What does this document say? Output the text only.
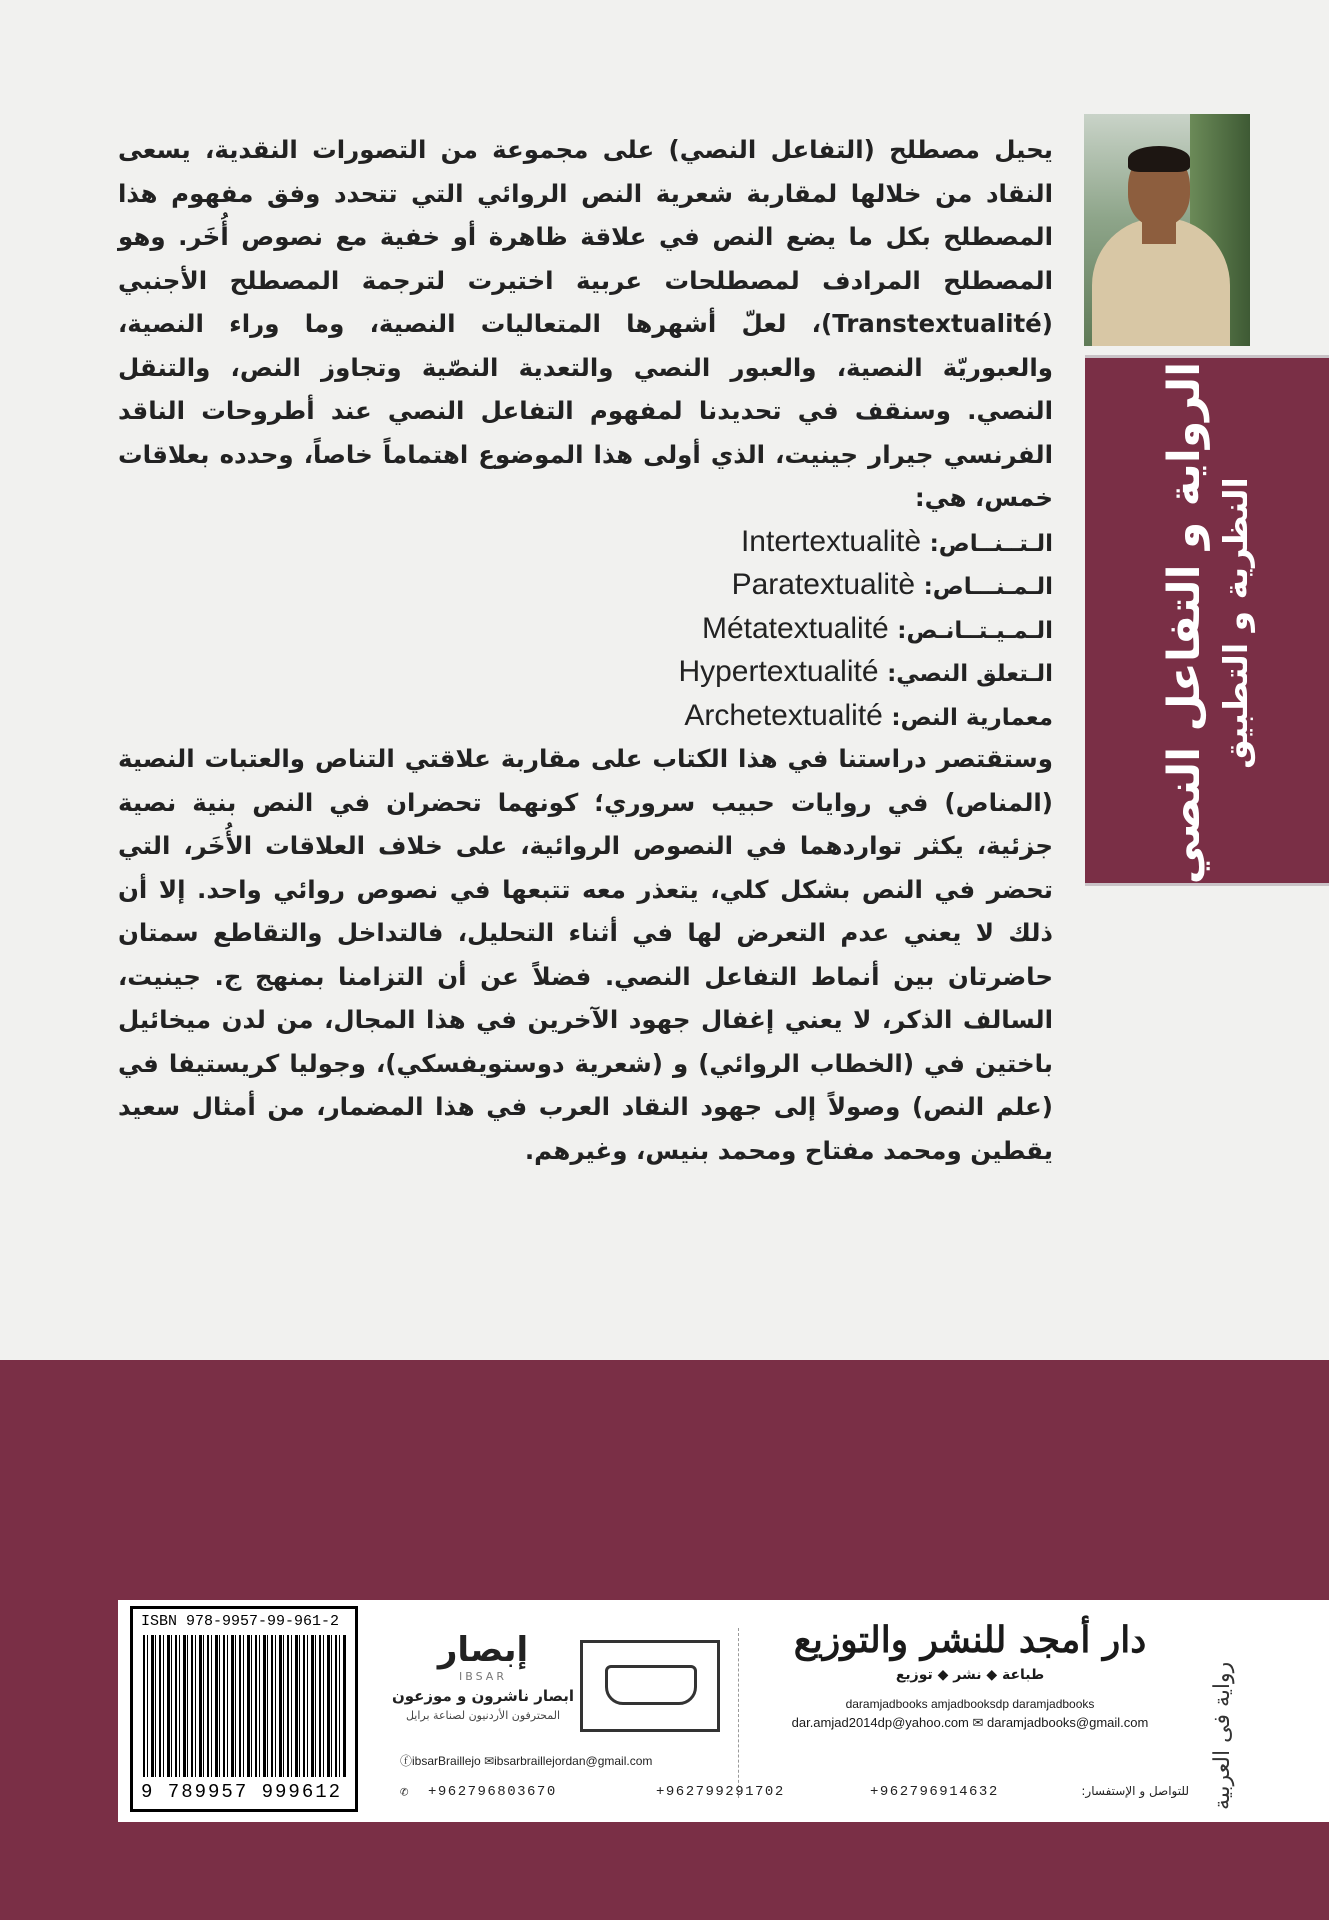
يحيل مصطلح (التفاعل النصي) على مجموعة من التصورات النقدية، يسعى النقاد من خلالها لمقاربة شعرية النص الروائي التي تتحدد وفق مفهوم هذا المصطلح بكل ما يضع النص في علاقة ظاهرة أو خفية مع نصوص أُخَر. وهو المصطلح المرادف لمصطلحات عربية اختيرت لترجمة المصطلح الأجنبي (Transtextualité)، لعلّ أشهرها المتعاليات النصية، وما وراء النصية، والعبوريّة النصية، والعبور النصي والتعدية النصّية وتجاوز النص، والتنقل النصي. وسنقف في تحديدنا لمفهوم التفاعل النصي عند أطروحات الناقد الفرنسي جيرار جينيت، الذي أولى هذا الموضوع اهتماماً خاصاً، وحدده بعلاقات خمس، هي:

الـتــنــاص: Intertextualitè
الـمـنـــاص: Paratextualitè
الـمـيـتــانـص: Métatextualité
الـتعلق النصي: Hypertextualité
معمارية النص: Archetextualité

وستقتصر دراستنا في هذا الكتاب على مقاربة علاقتي التناص والعتبات النصية (المناص) في روايات حبيب سروري؛ كونهما تحضران في النص بنية نصية جزئية، يكثر تواردهما في النصوص الروائية، على خلاف العلاقات الأُخَر، التي تحضر في النص بشكل كلي، يتعذر معه تتبعها في نصوص روائي واحد. إلا أن ذلك لا يعني عدم التعرض لها في أثناء التحليل، فالتداخل والتقاطع سمتان حاضرتان بين أنماط التفاعل النصي. فضلاً عن أن التزامنا بمنهج ج. جينيت، السالف الذكر، لا يعني إغفال جهود الآخرين في هذا المجال، من لدن ميخائيل باختين في (الخطاب الروائي) و (شعرية دوستويفسكي)، وجوليا كريستيفا في (علم النص) وصولاً إلى جهود النقاد العرب في هذا المضمار، من أمثال سعيد يقطين ومحمد مفتاح ومحمد بنيس، وغيرهم.

الرواية و التفاعل النصي النظرية و التطبيق
ISBN 978-9957-99-961-2
9 789957 999612
إبصار
IBSAR
ابصار ناشرون و موزعون
المحترفون الأردنيون لصناعة برايل
ⓕibsarBraillejo ✉ibsarbraillejordan@gmail.com
دار أمجد للنشر والتوزيع
طباعة ◆ نشر ◆ توزيع
daramjadbooks amjadbooksdp daramjadbooks
dar.amjad2014dp@yahoo.com ✉ daramjadbooks@gmail.com
✆ +962796803670	+962799291702	+962796914632	للتواصل و الإستفسار: رواية فى العربية
